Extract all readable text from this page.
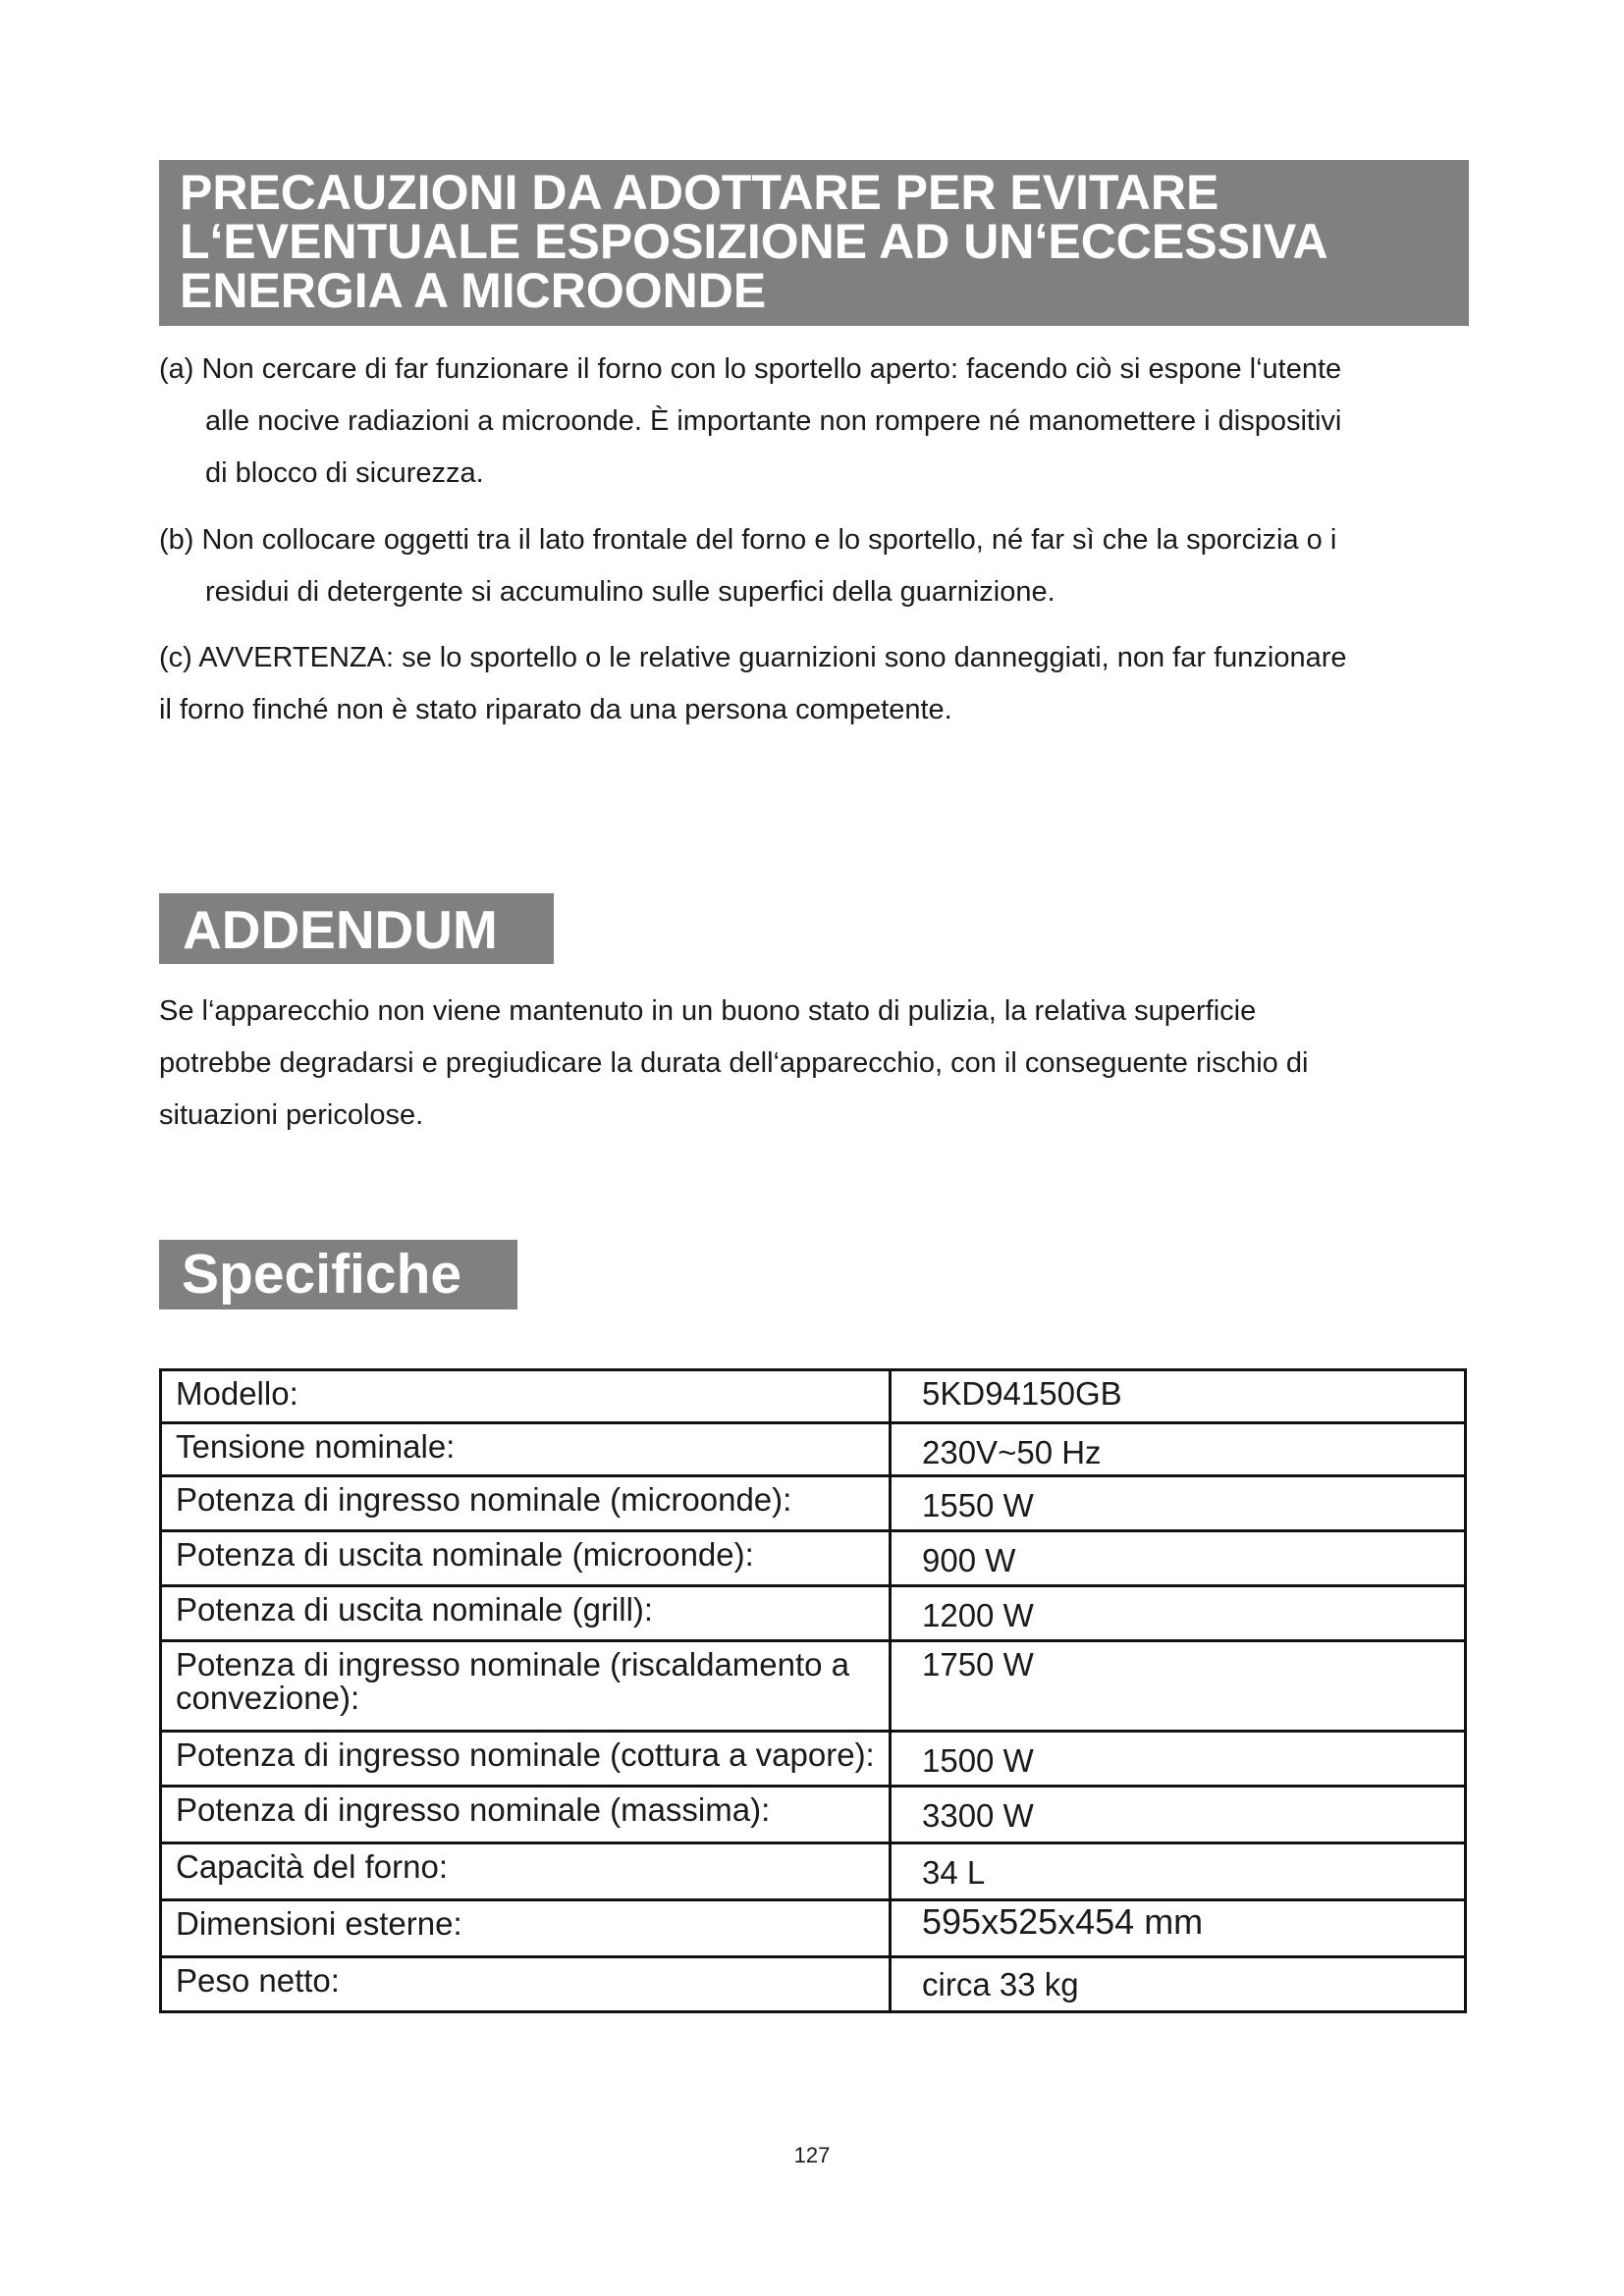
PRECAUZIONI DA ADOTTARE PER EVITARE
L‘EVENTUALE ESPOSIZIONE AD UN‘ECCESSIVA
ENERGIA A MICROONDE
(a) Non cercare di far funzionare il forno con lo sportello aperto: facendo ciò si espone l‘utente
alle nocive radiazioni a microonde. È importante non rompere né manomettere i dispositivi
di blocco di sicurezza.
(b) Non collocare oggetti tra il lato frontale del forno e lo sportello, né far sì che la sporcizia o i
residui di detergente si accumulino sulle superfici della guarnizione.
(c) AVVERTENZA: se lo sportello o le relative guarnizioni sono danneggiati, non far funzionare
il forno finché non è stato riparato da una persona competente.
ADDENDUM
Se l‘apparecchio non viene mantenuto in un buono stato di pulizia, la relativa superficie
potrebbe degradarsi e pregiudicare la durata dell‘apparecchio, con il conseguente rischio di
situazioni pericolose.
Specifiche
Modello:	5KD94150GB
Tensione nominale:	230V~50 Hz
Potenza di ingresso nominale (microonde):	1550 W
Potenza di uscita nominale (microonde):	900 W
Potenza di uscita nominale (grill):	1200 W
Potenza di ingresso nominale (riscaldamento a convezione):	1750 W
Potenza di ingresso nominale (cottura a vapore):	1500 W
Potenza di ingresso nominale (massima):	3300 W
Capacità del forno:	34 L
Dimensioni esterne:	595x525x454 mm
Peso netto:	circa 33 kg
127
